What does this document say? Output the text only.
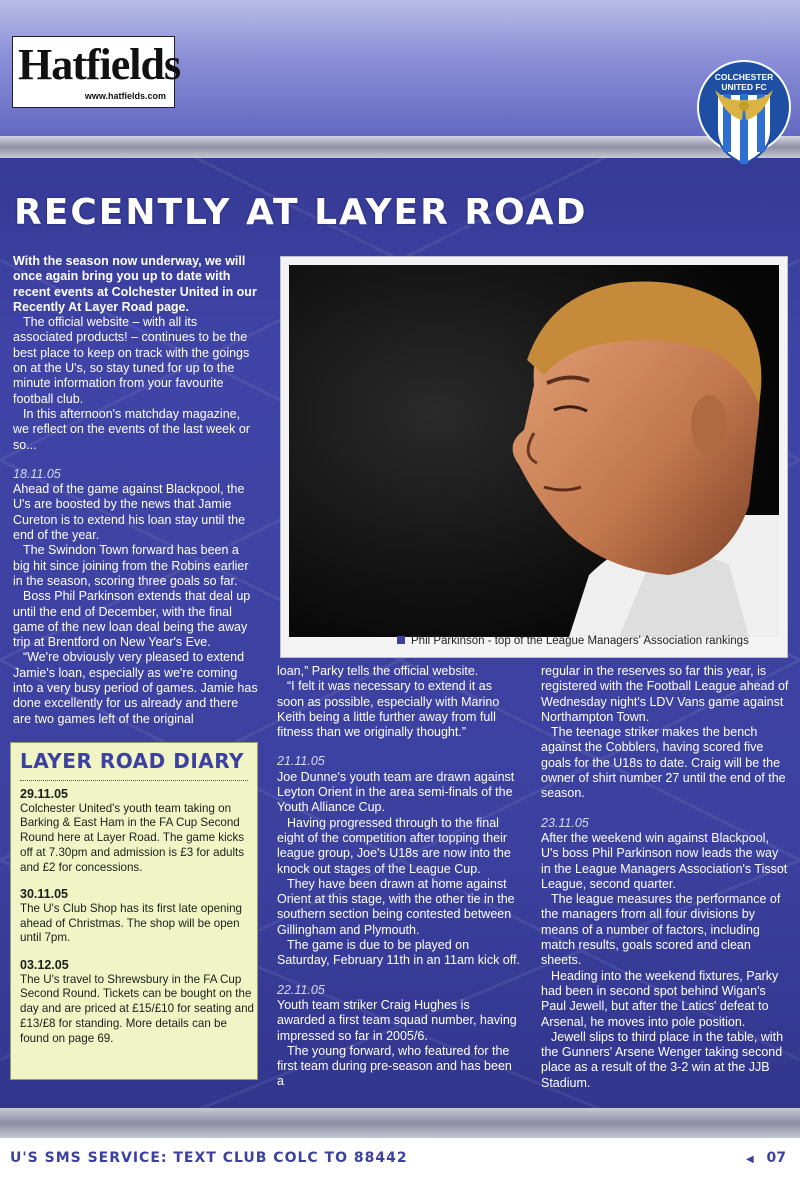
Hatfields
www.hatfields.com
COLCHESTER
UNITED FC
RECENTLY AT LAYER ROAD

With the season now underway, we will once again bring you up to date with recent events at Colchester United in our Recently At Layer Road page.

The official website – with all its associated products! – continues to be the best place to keep on track with the goings on at the U's, so stay tuned for up to the minute information from your favourite football club.

In this afternoon's matchday magazine, we reflect on the events of the last week or so...

18.11.05

Ahead of the game against Blackpool, the U's are boosted by the news that Jamie Cureton is to extend his loan stay until the end of the year.

The Swindon Town forward has been a big hit since joining from the Robins earlier in the season, scoring three goals so far.

Boss Phil Parkinson extends that deal up until the end of December, with the final game of the new loan deal being the away trip at Brentford on New Year's Eve.

“We're obviously very pleased to extend Jamie's loan, especially as we're coming into a very busy period of games. Jamie has done excellently for us already and there are two games left of the original

Phil Parkinson - top of the League Managers' Association rankings

loan,” Parky tells the official website.

“I felt it was necessary to extend it as soon as possible, especially with Marino Keith being a little further away from full fitness than we originally thought.”

21.11.05

Joe Dunne's youth team are drawn against Leyton Orient in the area semi-finals of the Youth Alliance Cup.

Having progressed through to the final eight of the competition after topping their league group, Joe's U18s are now into the knock out stages of the League Cup.

They have been drawn at home against Orient at this stage, with the other tie in the southern section being contested between Gillingham and Plymouth.

The game is due to be played on Saturday, February 11th in an 11am kick off.

22.11.05

Youth team striker Craig Hughes is awarded a first team squad number, having impressed so far in 2005/6.

The young forward, who featured for the first team during pre-season and has been a

regular in the reserves so far this year, is registered with the Football League ahead of Wednesday night's LDV Vans game against Northampton Town.

The teenage striker makes the bench against the Cobblers, having scored five goals for the U18s to date. Craig will be the owner of shirt number 27 until the end of the season.

23.11.05

After the weekend win against Blackpool, U's boss Phil Parkinson now leads the way in the League Managers Association's Tissot League, second quarter.

The league measures the performance of the managers from all four divisions by means of a number of factors, including match results, goals scored and clean sheets.

Heading into the weekend fixtures, Parky had been in second spot behind Wigan's Paul Jewell, but after the Latics' defeat to Arsenal, he moves into pole position.

Jewell slips to third place in the table, with the Gunners' Arsene Wenger taking second place as a result of the 3-2 win at the JJB Stadium.

LAYER ROAD DIARY
29.11.05
Colchester United's youth team taking on Barking & East Ham in the FA Cup Second Round here at Layer Road. The game kicks off at 7.30pm and admission is £3 for adults and £2 for concessions.
30.11.05
The U's Club Shop has its first late opening ahead of Christmas. The shop will be open until 7pm.
03.12.05
The U's travel to Shrewsbury in the FA Cup Second Round. Tickets can be bought on the day and are priced at £15/£10 for seating and £13/£8 for standing. More details can be found on page 69.
U'S SMS SERVICE: TEXT CLUB COLC TO 88442	◀ 07
